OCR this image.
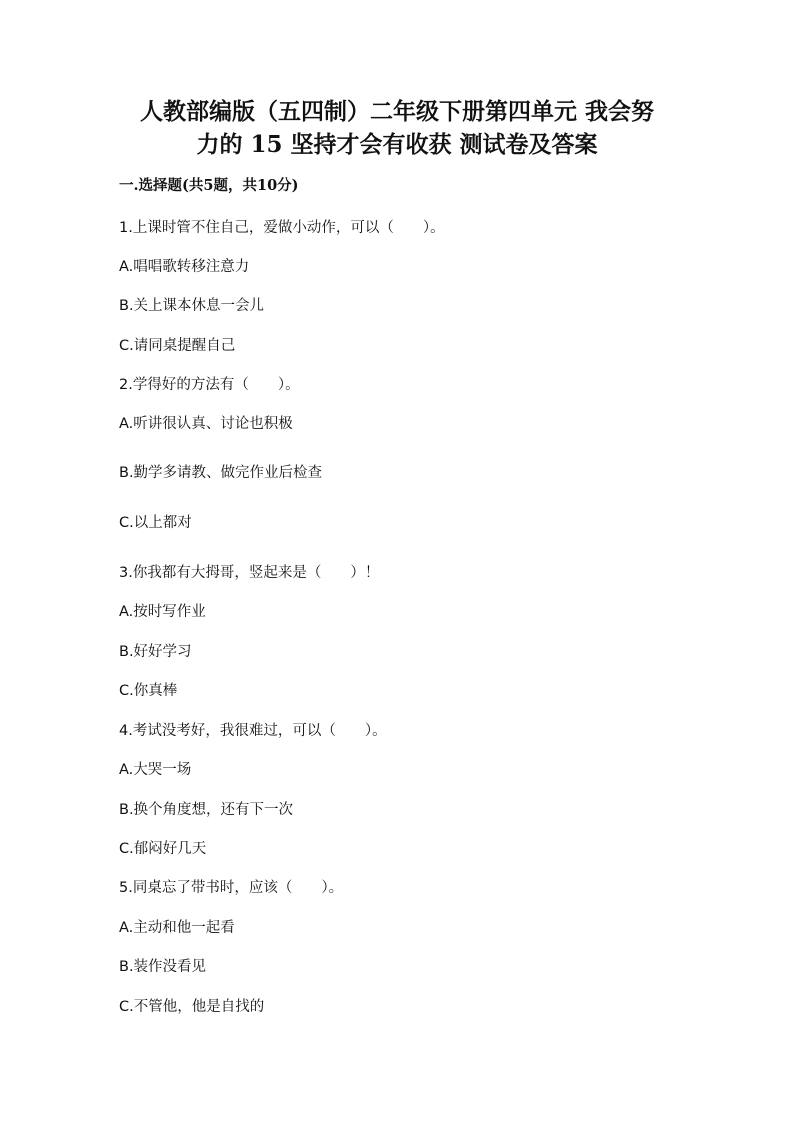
人教部编版（五四制）二年级下册第四单元 我会努
力的 15 坚持才会有收获 测试卷及答案
一.选择题(共5题，共10分)
1.上课时管不住自己，爱做小动作，可以（　　）。
A.唱唱歌转移注意力
B.关上课本休息一会儿
C.请同桌提醒自己
2.学得好的方法有（　　）。
A.听讲很认真、讨论也积极
B.勤学多请教、做完作业后检查
C.以上都对
3.你我都有大拇哥，竖起来是（　　）！
A.按时写作业
B.好好学习
C.你真棒
4.考试没考好，我很难过，可以（　　）。
A.大哭一场
B.换个角度想，还有下一次
C.郁闷好几天
5.同桌忘了带书时，应该（　　）。
A.主动和他一起看
B.装作没看见
C.不管他，他是自找的
